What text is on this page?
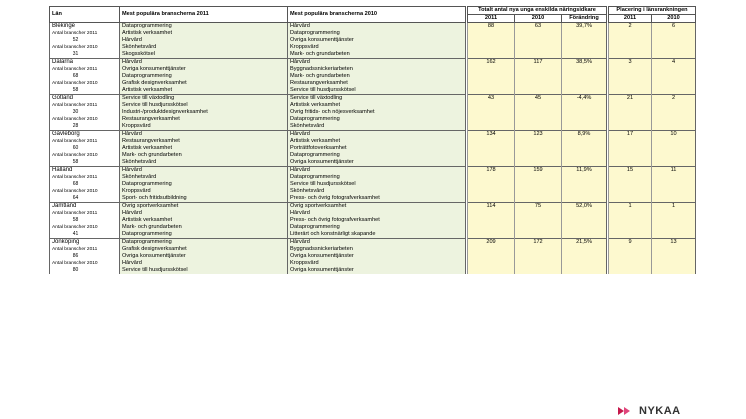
Län	Mest populära branscherna 2011	Mest populära branscherna 2010		Totalt antal nya unga enskilda näringsidkare				Placering i länsrankningen	
				2011	2010	Förändring		2011	2010
Blekinge	Dataprogrammering	Hårvård		88	63	39,7%		2	6
Antal branscher 2011	Artistisk verksamhet	Dataprogrammering							

52	Hårvård	Övriga konsumenttjänster							
Antal branscher 2010	Skönhetsvård	Kroppsvård							

31	Skogsskötsel	Mark- och grundarbeten							
Dalarna	Hårvård	Hårvård		162	117	38,5%		3	4
Antal branscher 2011	Övriga konsumenttjänster	Byggnadssnickeriarbeten							

68	Dataprogrammering	Mark- och grundarbeten							
Antal branscher 2010	Grafisk designverksamhet	Restaurangverksamhet							

58	Artistisk verksamhet	Service till husdjursskötsel							
Gotland	Service till växtodling	Service till växtodling		43	45	-4,4%		21	2
Antal branscher 2011	Service till husdjursskötsel	Artistisk verksamhet							

30	Industri-/produktdesignverksamhet	Övrig fritids- och nöjesverksamhet							
Antal branscher 2010	Restaurangverksamhet	Dataprogrammering							

28	Kroppsvård	Skönhetsvård							
Gävleborg	Hårvård	Hårvård		134	123	8,9%		17	10
Antal branscher 2011	Restaurangverksamhet	Artistisk verksamhet							

60	Artistisk verksamhet	Porträttfotoverksamhet							
Antal branscher 2010	Mark- och grundarbeten	Dataprogrammering							

58	Skönhetsvård	Övriga konsumenttjänster							
Halland	Hårvård	Hårvård		178	159	11,9%		15	11
Antal branscher 2011	Skönhetsvård	Dataprogrammering							

68	Dataprogrammering	Service till husdjursskötsel							
Antal branscher 2010	Kroppsvård	Skönhetsvård							

64	Sport- och fritidsutbildning	Press- och övrig fotografverksamhet							
Jämtland	Övrig sportverksamhet	Övrig sportverksamhet		114	75	52,0%		1	1
Antal branscher 2011	Hårvård	Hårvård							

58	Artistisk verksamhet	Press- och övrig fotografverksamhet							
Antal branscher 2010	Mark- och grundarbeten	Dataprogrammering							

41	Dataprogrammering	Litterärt och konstnärligt skapande							
Jönköping	Dataprogrammering	Hårvård		209	172	21,5%		9	13
Antal branscher 2011	Grafisk designverksamhet	Byggnadssnickeriarbeten							

86	Övriga konsumenttjänster	Övriga konsumenttjänster							
Antal branscher 2010	Hårvård	Kroppsvård							

80	Service till husdjursskötsel	Övriga konsumenttjänster							
NYKAA
